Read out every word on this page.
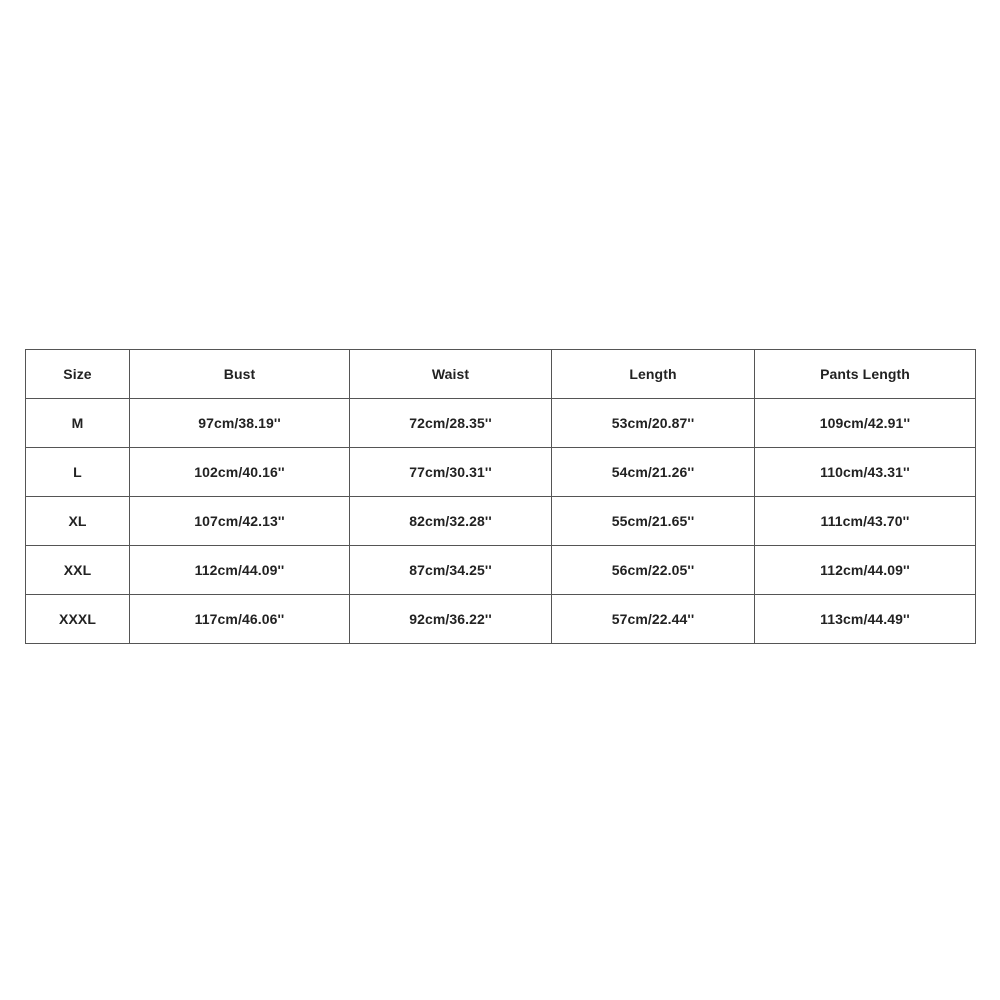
Size	Bust	Waist	Length	Pants Length
M	97cm/38.19''	72cm/28.35''	53cm/20.87''	109cm/42.91''
L	102cm/40.16''	77cm/30.31''	54cm/21.26''	110cm/43.31''
XL	107cm/42.13''	82cm/32.28''	55cm/21.65''	111cm/43.70''
XXL	112cm/44.09''	87cm/34.25''	56cm/22.05''	112cm/44.09''
XXXL	117cm/46.06''	92cm/36.22''	57cm/22.44''	113cm/44.49''
